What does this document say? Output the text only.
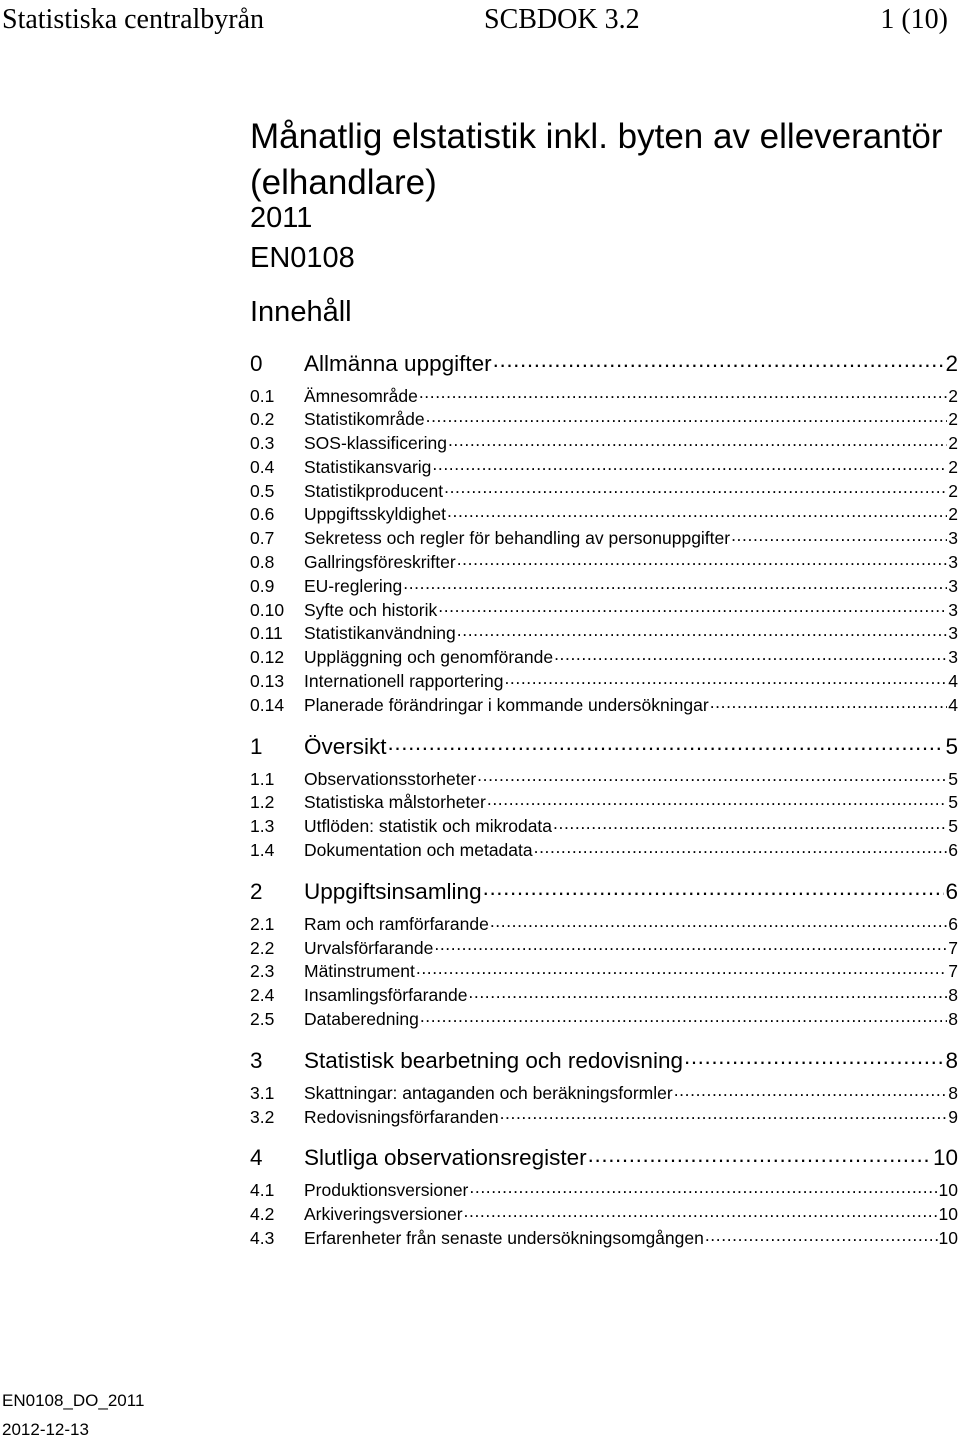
Statistiska centralbyrån	SCBDOK 3.2	1 (10)
Månatlig elstatistik inkl. byten av elleverantör (elhandlare)
2011
EN0108
Innehåll
0	Allmänna uppgifter .....	2
0.1	Ämnesområde .....	2
0.2	Statistikområde .....	2
0.3	SOS-klassificering .....	2
0.4	Statistikansvarig .....	2
0.5	Statistikproducent .....	2
0.6	Uppgiftsskyldighet .....	2
0.7	Sekretess och regler för behandling av personuppgifter .....	3
0.8	Gallringsföreskrifter .....	3
0.9	EU-reglering .....	3
0.10	Syfte och historik .....	3
0.11	Statistikanvändning .....	3
0.12	Uppläggning och genomförande .....	3
0.13	Internationell rapportering .....	4
0.14	Planerade förändringar i kommande undersökningar .....	4
1	Översikt .....	5
1.1	Observationsstorheter .....	5
1.2	Statistiska målstorheter .....	5
1.3	Utflöden: statistik och mikrodata .....	5
1.4	Dokumentation och metadata .....	6
2	Uppgiftsinsamling .....	6
2.1	Ram och ramförfarande .....	6
2.2	Urvalsförfarande .....	7
2.3	Mätinstrument .....	7
2.4	Insamlingsförfarande .....	8
2.5	Databeredning .....	8
3	Statistisk bearbetning och redovisning .....	8
3.1	Skattningar: antaganden och beräkningsformler .....	8
3.2	Redovisningsförfaranden .....	9
4	Slutliga observationsregister .....	10
4.1	Produktionsversioner .....	10
4.2	Arkiveringsversioner .....	10
4.3	Erfarenheter från senaste undersökningsomgången .....	10
EN0108_DO_2011
2012-12-13
